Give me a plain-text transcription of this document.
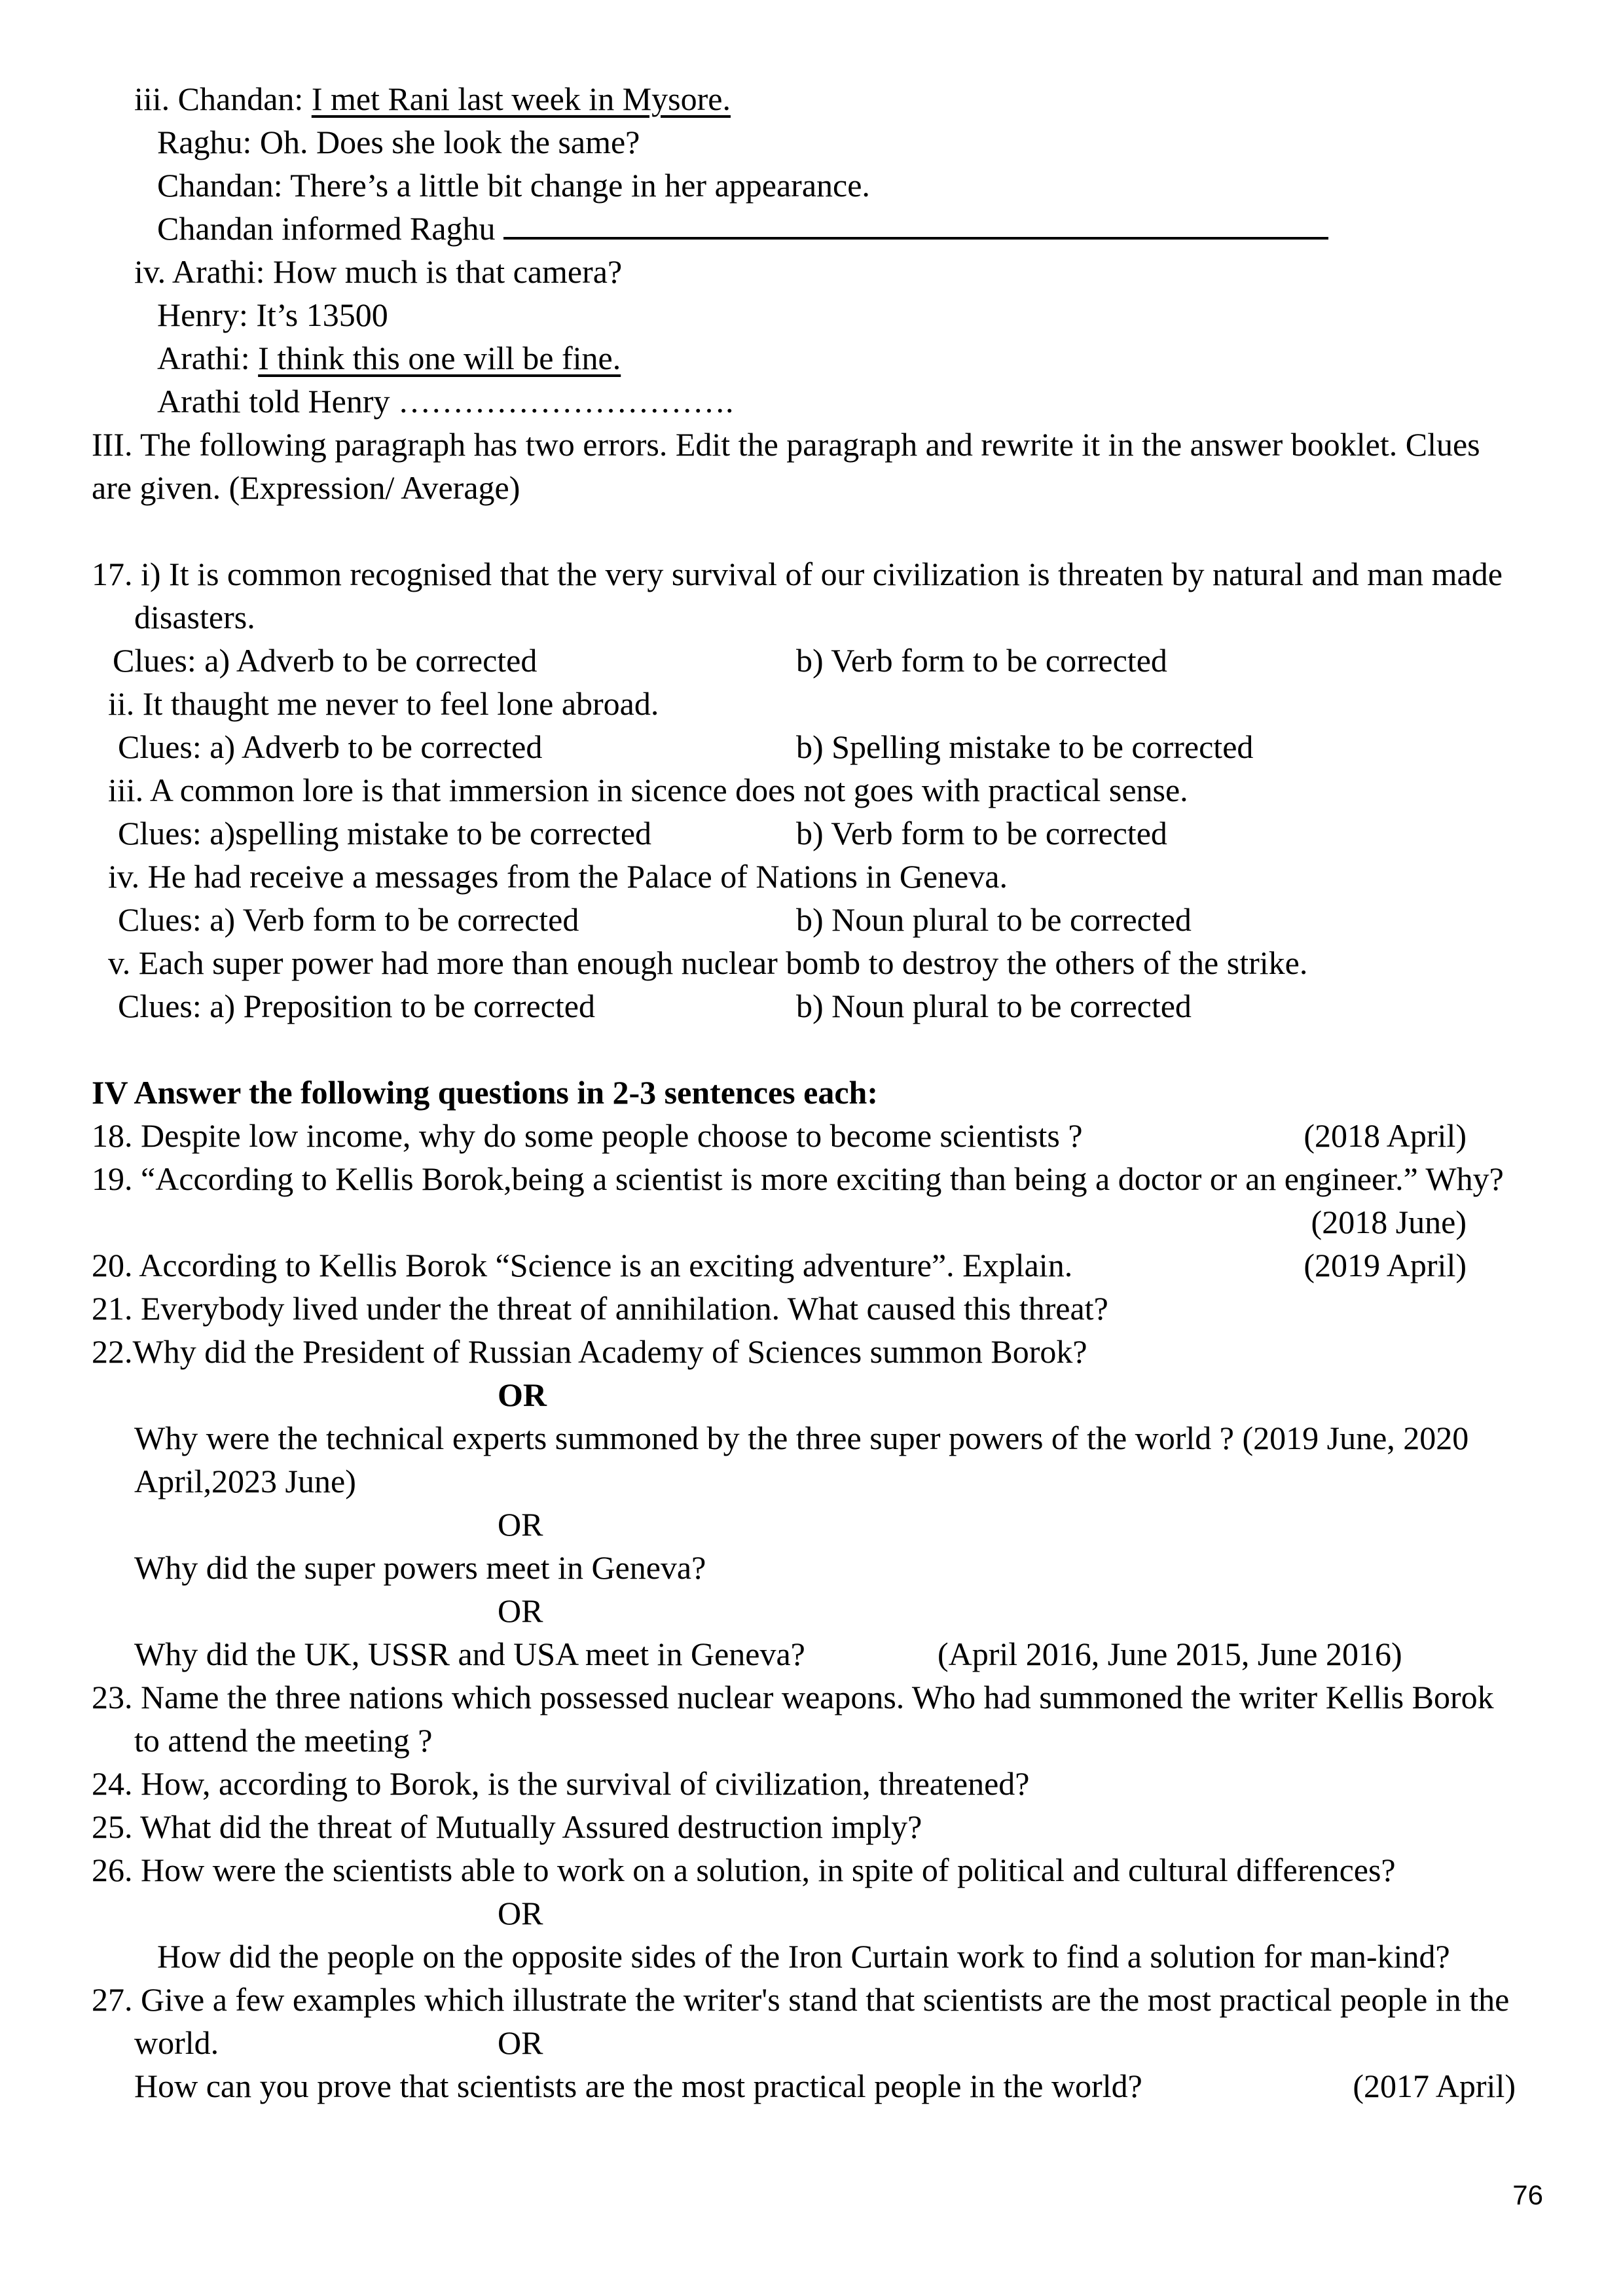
iii. Chandan: I met Rani last week in Mysore.
Raghu: Oh. Does she look the same?
Chandan: There’s a little bit change in her appearance.
Chandan informed Raghu
iv. Arathi: How much is that camera?
Henry: It’s 13500
Arathi: I think this one will be fine.
Arathi told Henry ………………………….
III. The following paragraph has two errors. Edit the paragraph and rewrite it in the answer booklet. Clues
are given. (Expression/ Average)
17. i) It is common recognised that the very survival of our civilization is threaten by natural and man made
disasters.
Clues: a) Adverb to be corrected	b) Verb form to be corrected
ii. It thaught me never to feel lone abroad.
Clues: a) Adverb to be corrected	b) Spelling mistake to be corrected
iii. A common lore is that immersion in sicence does not goes with practical sense.
Clues: a)spelling mistake to be corrected	b) Verb form to be corrected
iv. He had receive a messages from the Palace of Nations in Geneva.
Clues: a) Verb form to be corrected	b) Noun plural to be corrected
v. Each super power had more than enough nuclear bomb to destroy the others of the strike.
Clues: a) Preposition to be corrected	b) Noun plural to be corrected
IV Answer the following questions in 2-3 sentences each:
18. Despite low income, why do some people choose to become scientists ?	(2018 April)
19. “According to Kellis Borok,being a scientist is more exciting than being a doctor or an engineer.” Why?
(2018 June)
20. According to Kellis Borok “Science is an exciting adventure”. Explain.	(2019 April)
21. Everybody lived under the threat of annihilation. What caused this threat?
22.Why did the President of Russian Academy of Sciences summon Borok?
OR
Why were the technical experts summoned by the three super powers of the world ? (2019 June, 2020
April,2023 June)
OR
Why did the super powers meet in Geneva?
OR
Why did the UK, USSR and USA meet in Geneva?	(April 2016, June 2015, June 2016)
23. Name the three nations which possessed nuclear weapons. Who had summoned the writer Kellis Borok
to attend the meeting ?
24. How, according to Borok, is the survival of civilization, threatened?
25. What did the threat of Mutually Assured destruction imply?
26. How were the scientists able to work on a solution, in spite of political and cultural differences?
OR
How did the people on the opposite sides of the Iron Curtain work to find a solution for man-kind?
27. Give a few examples which illustrate the writer's stand that scientists are the most practical people in the
world.	OR
How can you prove that scientists are the most practical people in the world?	(2017 April)
76
